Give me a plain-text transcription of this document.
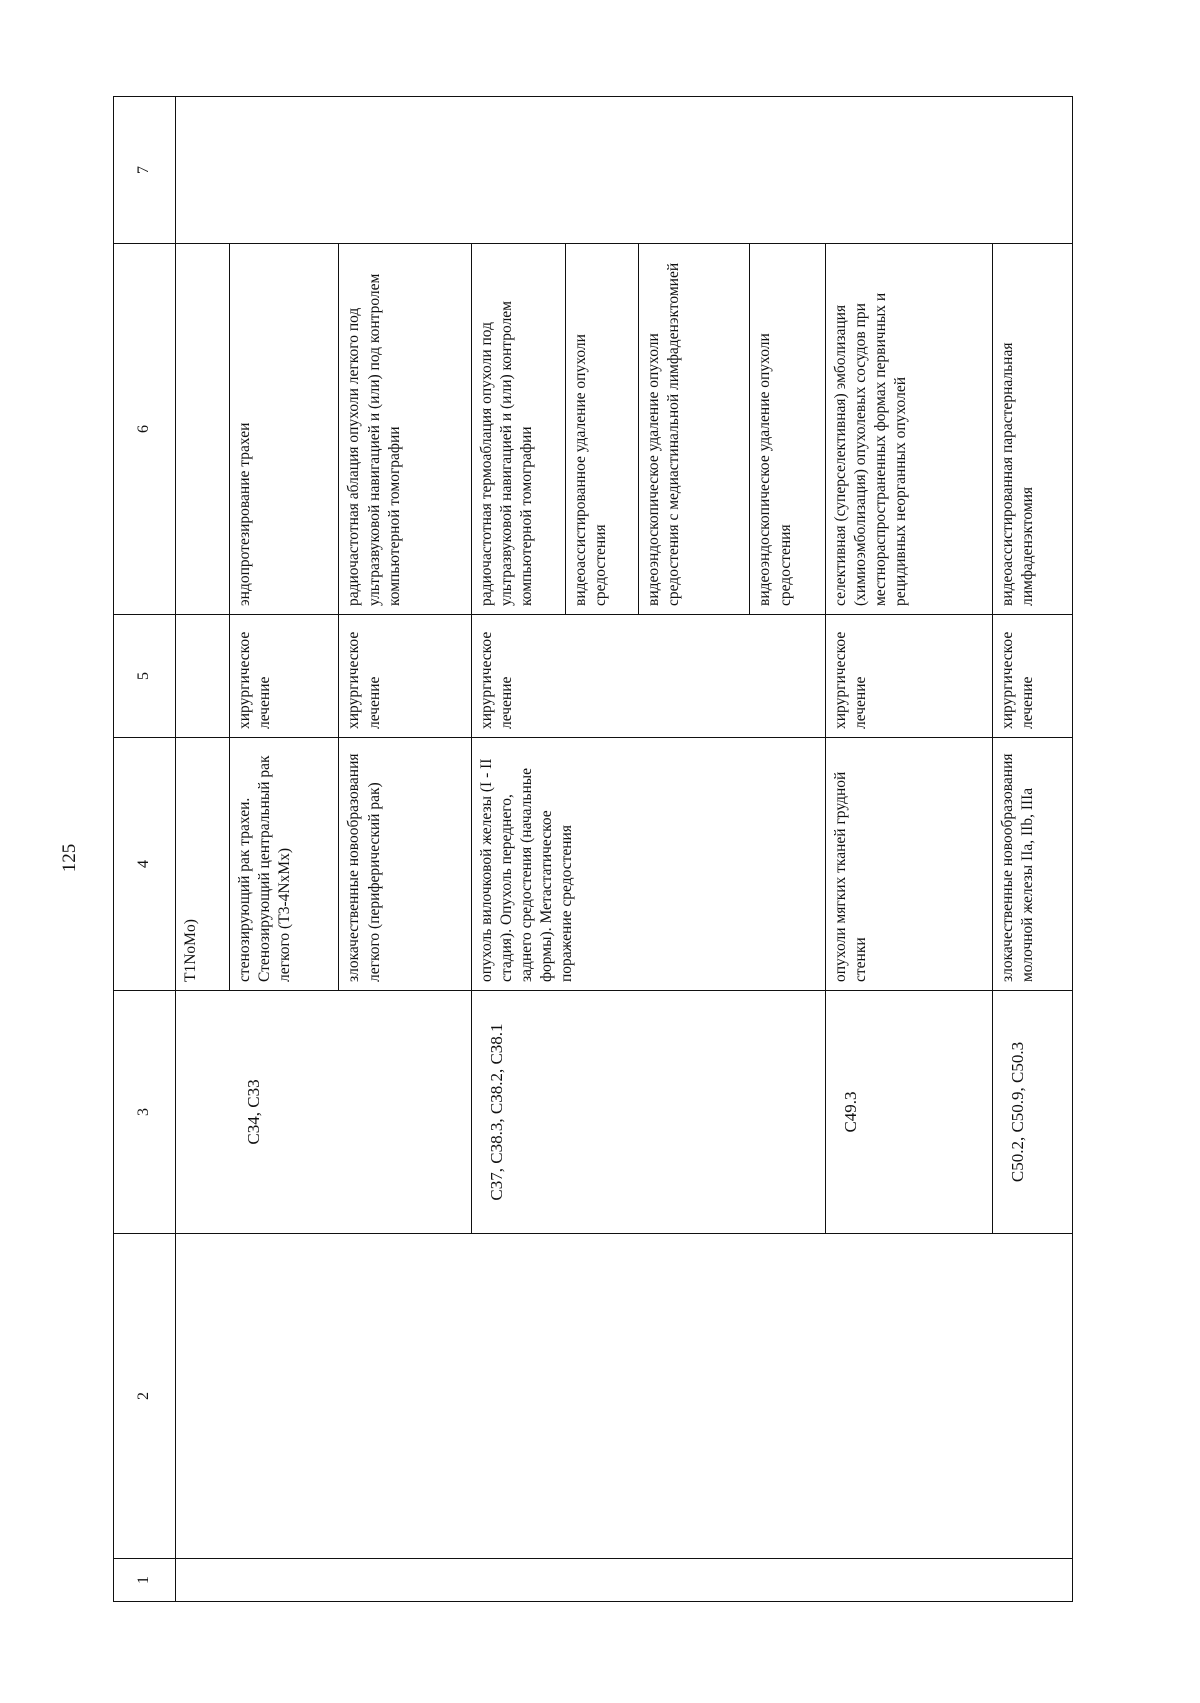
125
1	2	3	4	5	6	7
			T1NoMo)			
		C34, C33	стенозирующий рак трахеи. Стенозирующий центральный рак легкого (T3-4NxMx)	хирургическое лечение	эндопротезирование трахеи	
			злокачественные новообразования легкого (периферический рак)	хирургическое лечение	радиочастотная аблация опухоли легкого под ультразвуковой навигацией и (или) под контролем компьютерной томографии	
		C37, C38.3, C38.2, C38.1	опухоль вилочковой железы (I - II стадия). Опухоль переднего, заднего средостения (начальные формы). Метастатическое поражение средостения	хирургическое лечение	радиочастотная термоаблация опухоли под ультразвуковой навигацией и (или) контролем компьютерной томографии	
					видеоассистированное удаление опухоли средостения	
					видеоэндоскопическое удаление опухоли средостения с медиастинальной лимфаденэктомией	
					видеоэндоскопическое удаление опухоли средостения	
		C49.3	опухоли мягких тканей грудной стенки	хирургическое лечение	селективная (суперселективная) эмболизация (химиоэмболизация) опухолевых сосудов при местнораспространенных формах первичных и рецидивных неорганных опухолей	
		C50.2, C50.9, C50.3	злокачественные новообразования молочной железы IIa, IIb, IIIa	хирургическое лечение	видеоассистированная парастернальная лимфаденэктомия	
